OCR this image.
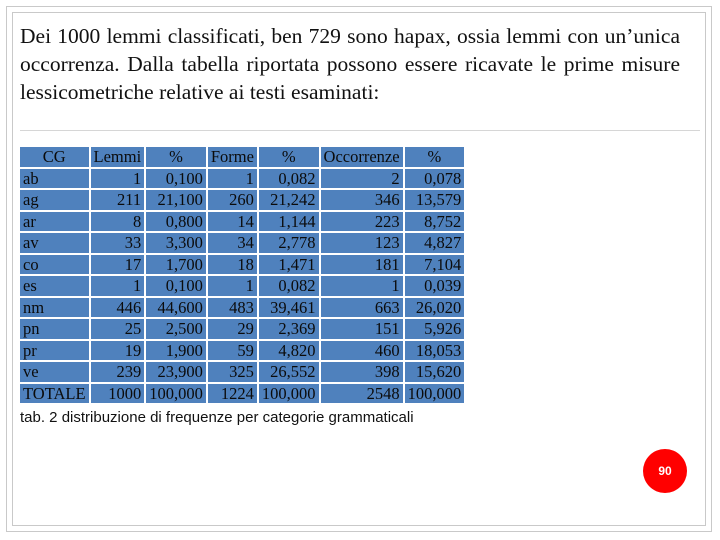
Dei 1000 lemmi classificati, ben 729 sono hapax, ossia lemmi con un’unica occorrenza. Dalla tabella riportata possono essere ricavate le prime misure lessicometriche relative ai testi esaminati:

CG	Lemmi	%	Forme	%	Occorrenze	%
ab	1	0,100	1	0,082	2	0,078
ag	211	21,100	260	21,242	346	13,579
ar	8	0,800	14	1,144	223	8,752
av	33	3,300	34	2,778	123	4,827
co	17	1,700	18	1,471	181	7,104
es	1	0,100	1	0,082	1	0,039
nm	446	44,600	483	39,461	663	26,020
pn	25	2,500	29	2,369	151	5,926
pr	19	1,900	59	4,820	460	18,053
ve	239	23,900	325	26,552	398	15,620
TOTALE	1000	100,000	1224	100,000	2548	100,000
tab. 2 distribuzione di frequenze per categorie grammaticali
90
